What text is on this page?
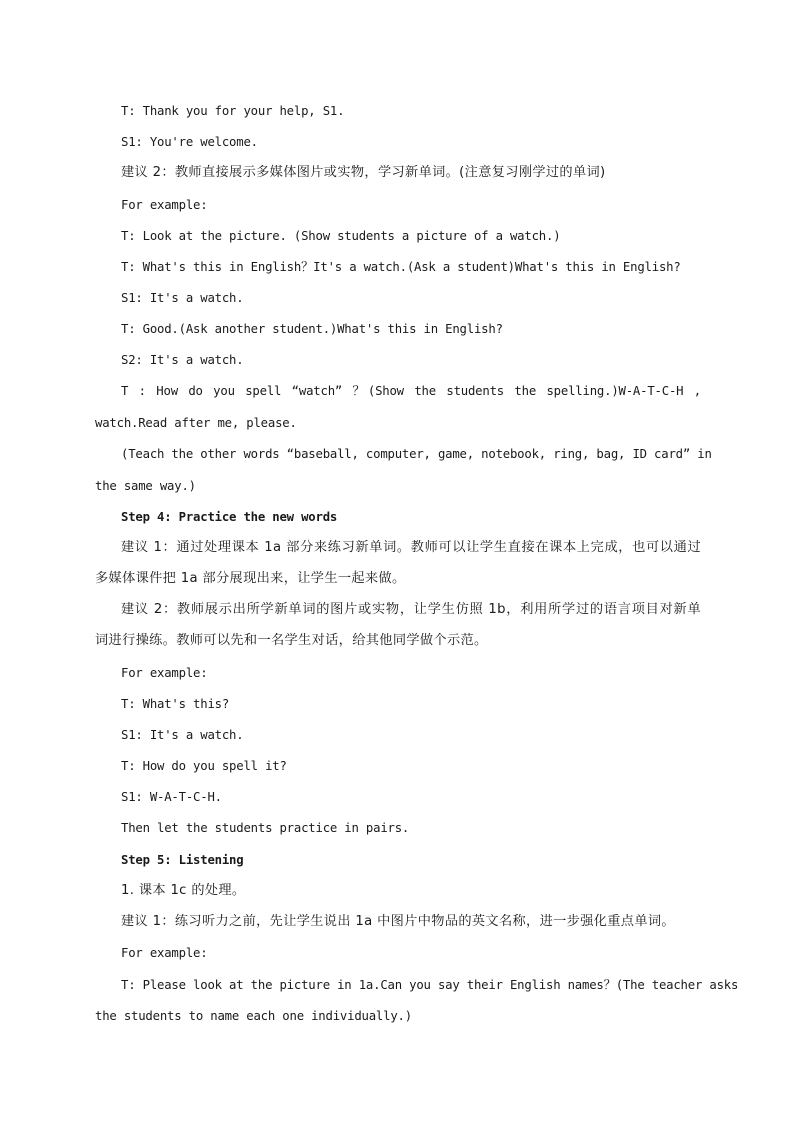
T: Thank you for your help, S1.
S1: You're welcome.
建议 2：教师直接展示多媒体图片或实物，学习新单词。(注意复习刚学过的单词)
For example:
T: Look at the picture. (Show students a picture of a watch.)
T: What's this in English？It's a watch.(Ask a student)What's this in English?
S1: It's a watch.
T: Good.(Ask another student.)What's this in English?
S2: It's a watch.
T : How do you spell “watch” ？(Show the students the spelling.)W-A-T-C-H ,
watch.Read after me, please.
(Teach the other words “baseball, computer, game, notebook, ring, bag, ID card” in
the same way.)
Step 4: Practice the new words
建议 1：通过处理课本 1a 部分来练习新单词。教师可以让学生直接在课本上完成，也可以通过
多媒体课件把 1a 部分展现出来，让学生一起来做。
建议 2：教师展示出所学新单词的图片或实物，让学生仿照 1b，利用所学过的语言项目对新单
词进行操练。教师可以先和一名学生对话，给其他同学做个示范。
For example:
T: What's this?
S1: It's a watch.
T: How do you spell it?
S1: W-A-T-C-H.
Then let the students practice in pairs.
Step 5: Listening
1. 课本 1c 的处理。
建议 1：练习听力之前，先让学生说出 1a 中图片中物品的英文名称，进一步强化重点单词。
For example:
T: Please look at the picture in 1a.Can you say their English names？(The teacher asks
the students to name each one individually.)
